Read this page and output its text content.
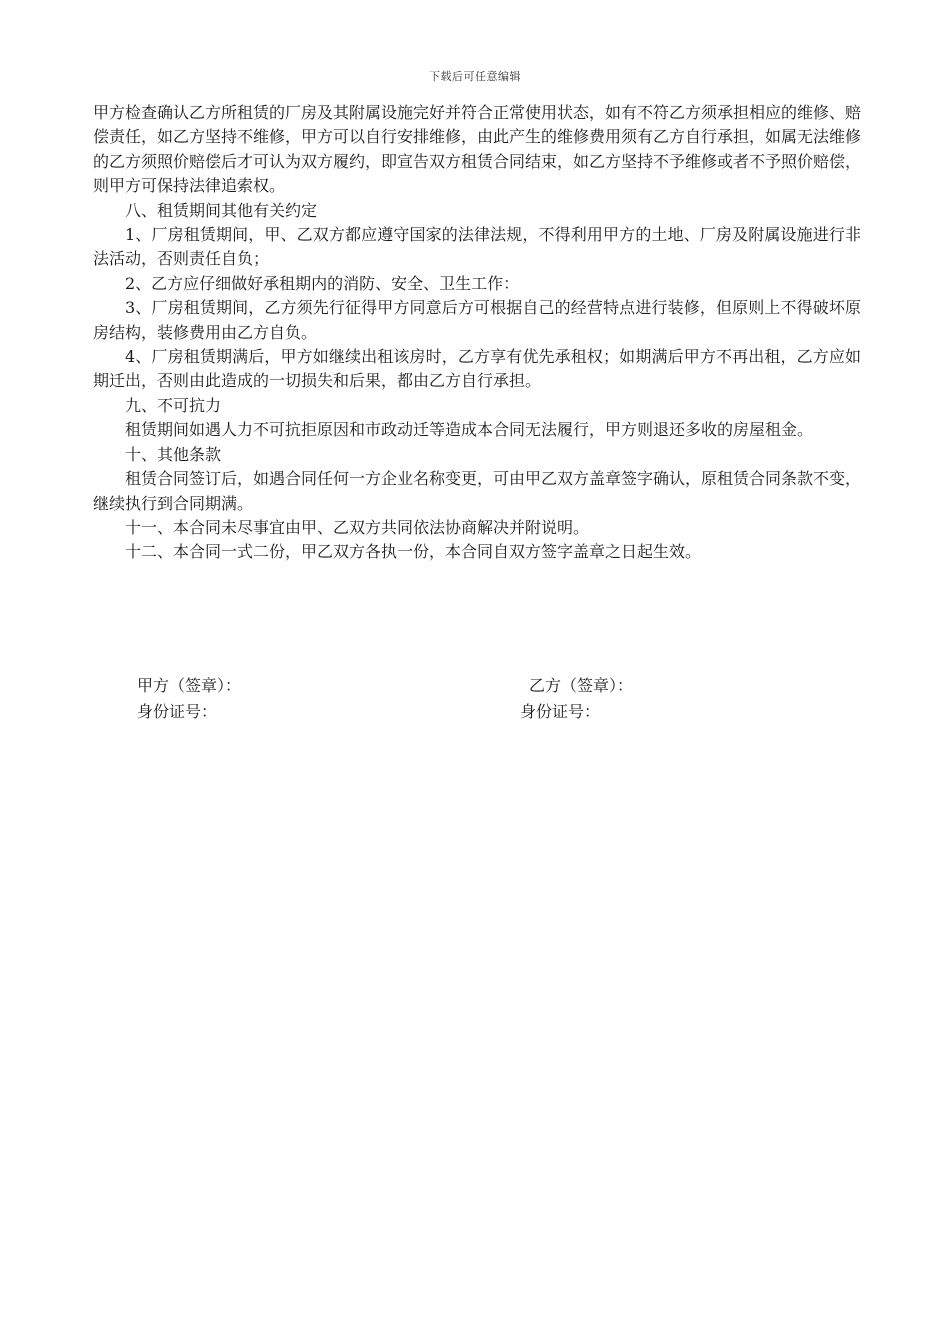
下载后可任意编辑

甲方检查确认乙方所租赁的厂房及其附属设施完好并符合正常使用状态，如有不符乙方须承担相应的维修、赔偿责任，如乙方坚持不维修，甲方可以自行安排维修，由此产生的维修费用须有乙方自行承担，如属无法维修的乙方须照价赔偿后才可认为双方履约，即宣告双方租赁合同结束，如乙方坚持不予维修或者不予照价赔偿，则甲方可保持法律追索权。

八、租赁期间其他有关约定

1、厂房租赁期间，甲、乙双方都应遵守国家的法律法规，不得利用甲方的土地、厂房及附属设施进行非法活动，否则责任自负；

2、乙方应仔细做好承租期内的消防、安全、卫生工作：

3、厂房租赁期间，乙方须先行征得甲方同意后方可根据自己的经营特点进行装修，但原则上不得破坏原房结构，装修费用由乙方自负。

4、厂房租赁期满后，甲方如继续出租该房时，乙方享有优先承租权；如期满后甲方不再出租，乙方应如期迁出，否则由此造成的一切损失和后果，都由乙方自行承担。

九、不可抗力

租赁期间如遇人力不可抗拒原因和市政动迁等造成本合同无法履行，甲方则退还多收的房屋租金。

十、其他条款

租赁合同签订后，如遇合同任何一方企业名称变更，可由甲乙双方盖章签字确认，原租赁合同条款不变，继续执行到合同期满。

十一、本合同未尽事宜由甲、乙双方共同依法协商解决并附说明。

十二、本合同一式二份，甲乙双方各执一份，本合同自双方签字盖章之日起生效。

甲方（签章）：	乙方（签章）：
身份证号：	身份证号：
